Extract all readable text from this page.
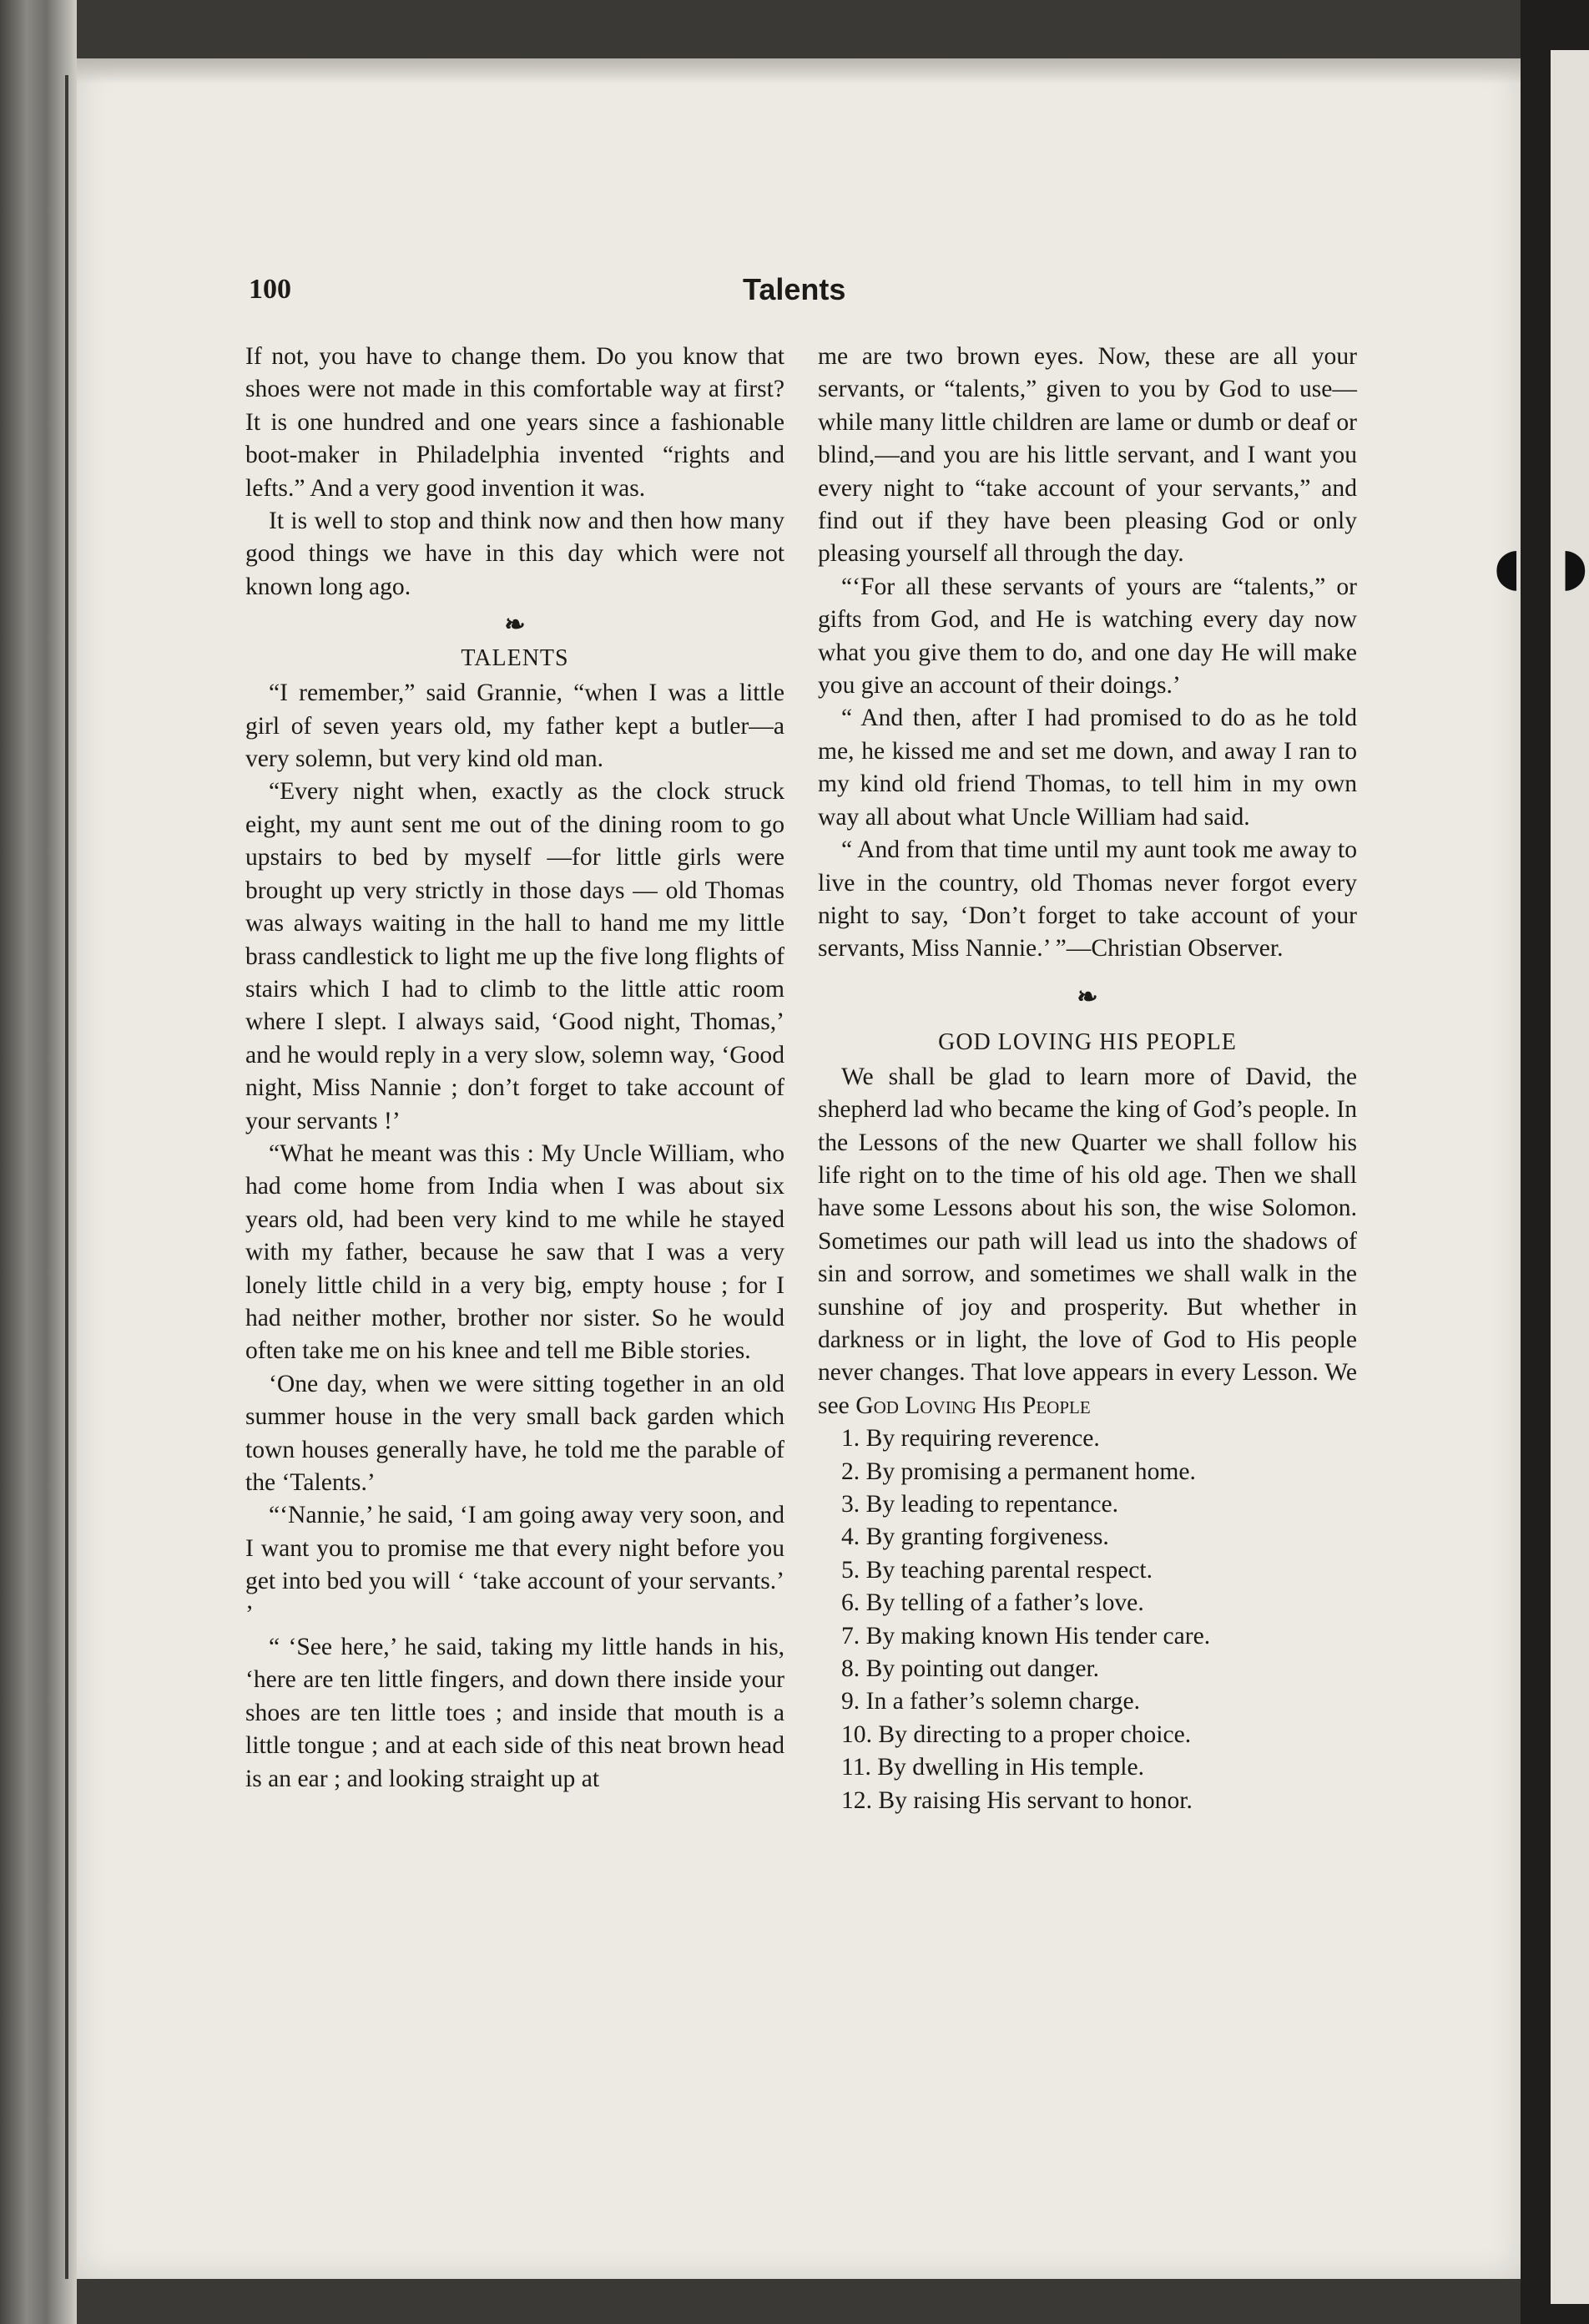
◖ ◗
100	Talents

If not, you have to change them. Do you know that shoes were not made in this comfortable way at first? It is one hundred and one years since a fashionable boot-maker in Philadelphia invented “rights and lefts.” And a very good invention it was.

It is well to stop and think now and then how many good things we have in this day which were not known long ago.

❧
TALENTS

“I remember,” said Grannie, “when I was a little girl of seven years old, my father kept a butler—a very solemn, but very kind old man.

“Every night when, exactly as the clock struck eight, my aunt sent me out of the dining room to go upstairs to bed by myself —for little girls were brought up very strictly in those days — old Thomas was always waiting in the hall to hand me my little brass candlestick to light me up the five long flights of stairs which I had to climb to the little attic room where I slept. I always said, ‘Good night, Thomas,’ and he would reply in a very slow, solemn way, ‘Good night, Miss Nannie ; don’t forget to take account of your servants !’

“What he meant was this : My Uncle William, who had come home from India when I was about six years old, had been very kind to me while he stayed with my father, because he saw that I was a very lonely little child in a very big, empty house ; for I had neither mother, brother nor sister. So he would often take me on his knee and tell me Bible stories.

‘One day, when we were sitting together in an old summer house in the very small back garden which town houses generally have, he told me the parable of the ‘Talents.’

“‘Nannie,’ he said, ‘I am going away very soon, and I want you to promise me that every night before you get into bed you will ‘ ‘take account of your servants.’ ’

“ ‘See here,’ he said, taking my little hands in his, ‘here are ten little fingers, and down there inside your shoes are ten little toes ; and inside that mouth is a little tongue ; and at each side of this neat brown head is an ear ; and looking straight up at

me are two brown eyes. Now, these are all your servants, or “talents,” given to you by God to use—while many little children are lame or dumb or deaf or blind,—and you are his little servant, and I want you every night to “take account of your servants,” and find out if they have been pleasing God or only pleasing yourself all through the day.

“‘For all these servants of yours are “talents,” or gifts from God, and He is watching every day now what you give them to do, and one day He will make you give an account of their doings.’

“ And then, after I had promised to do as he told me, he kissed me and set me down, and away I ran to my kind old friend Thomas, to tell him in my own way all about what Uncle William had said.

“ And from that time until my aunt took me away to live in the country, old Thomas never forgot every night to say, ‘Don’t forget to take account of your servants, Miss Nannie.’ ”—Christian Observer.

❧
GOD LOVING HIS PEOPLE

We shall be glad to learn more of David, the shepherd lad who became the king of God’s people. In the Lessons of the new Quarter we shall follow his life right on to the time of his old age. Then we shall have some Lessons about his son, the wise Solomon. Sometimes our path will lead us into the shadows of sin and sorrow, and sometimes we shall walk in the sunshine of joy and prosperity. But whether in darkness or in light, the love of God to His people never changes. That love appears in every Lesson. We see God Loving His People

1. By requiring reverence.
2. By promising a permanent home.
3. By leading to repentance.
4. By granting forgiveness.
5. By teaching parental respect.
6. By telling of a father’s love.
7. By making known His tender care.
8. By pointing out danger.
9. In a father’s solemn charge.
10. By directing to a proper choice.
11. By dwelling in His temple.
12. By raising His servant to honor.
